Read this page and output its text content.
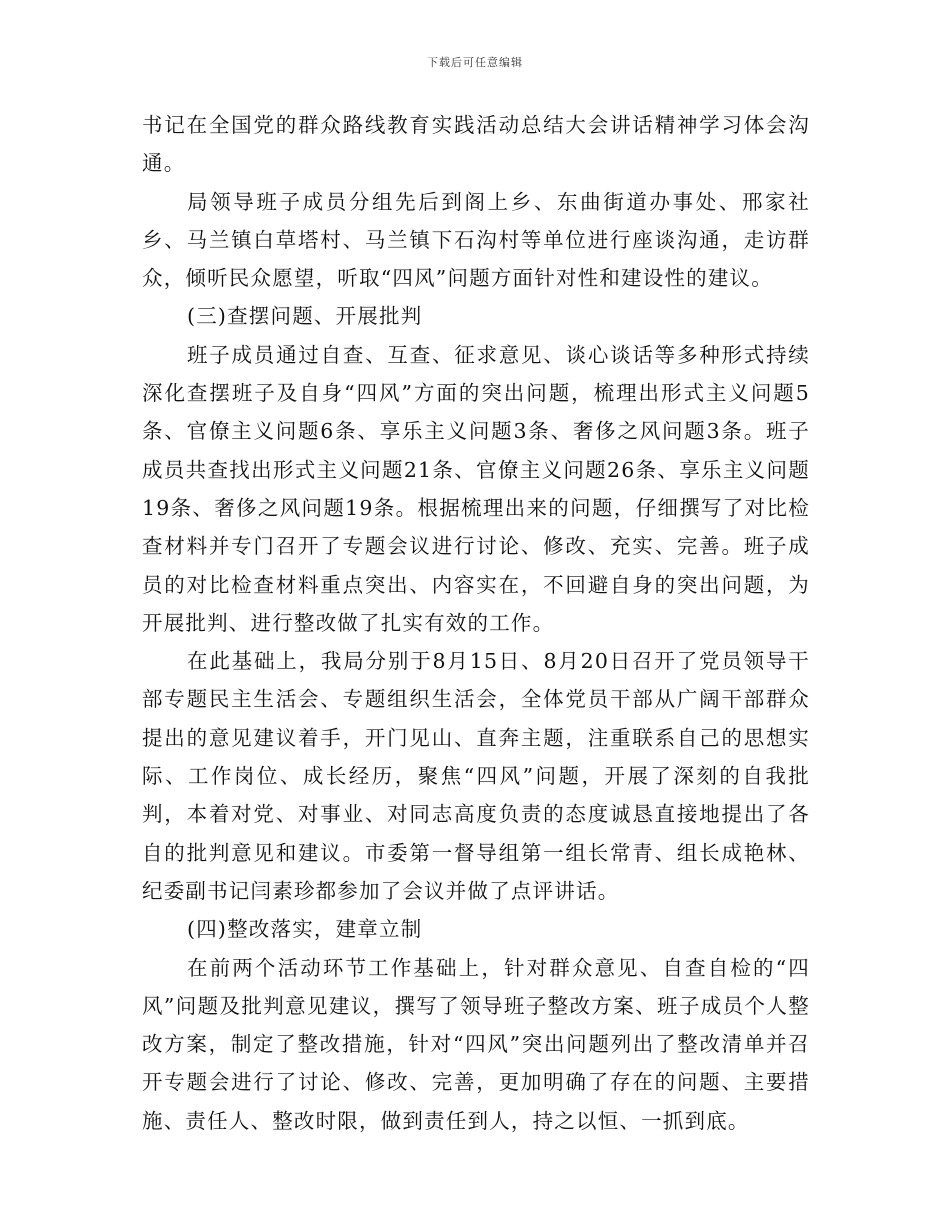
下载后可任意编辑

书记在全国党的群众路线教育实践活动总结大会讲话精神学习体会沟通。

局领导班子成员分组先后到阁上乡、东曲街道办事处、邢家社乡、马兰镇白草塔村、马兰镇下石沟村等单位进行座谈沟通，走访群众，倾听民众愿望，听取“四风”问题方面针对性和建设性的建议。

(三)查摆问题、开展批判

班子成员通过自查、互查、征求意见、谈心谈话等多种形式持续深化查摆班子及自身“四风”方面的突出问题，梳理出形式主义问题5条、官僚主义问题6条、享乐主义问题3条、奢侈之风问题3条。班子成员共查找出形式主义问题21条、官僚主义问题26条、享乐主义问题19条、奢侈之风问题19条。根据梳理出来的问题，仔细撰写了对比检查材料并专门召开了专题会议进行讨论、修改、充实、完善。班子成员的对比检查材料重点突出、内容实在，不回避自身的突出问题，为开展批判、进行整改做了扎实有效的工作。

在此基础上，我局分别于8月15日、8月20日召开了党员领导干部专题民主生活会、专题组织生活会，全体党员干部从广阔干部群众提出的意见建议着手，开门见山、直奔主题，注重联系自己的思想实际、工作岗位、成长经历，聚焦“四风”问题，开展了深刻的自我批判，本着对党、对事业、对同志高度负责的态度诚恳直接地提出了各自的批判意见和建议。市委第一督导组第一组长常青、组长成艳林、纪委副书记闫素珍都参加了会议并做了点评讲话。

(四)整改落实，建章立制

在前两个活动环节工作基础上，针对群众意见、自查自检的“四风”问题及批判意见建议，撰写了领导班子整改方案、班子成员个人整改方案，制定了整改措施，针对“四风”突出问题列出了整改清单并召开专题会进行了讨论、修改、完善，更加明确了存在的问题、主要措施、责任人、整改时限，做到责任到人，持之以恒、一抓到底。
